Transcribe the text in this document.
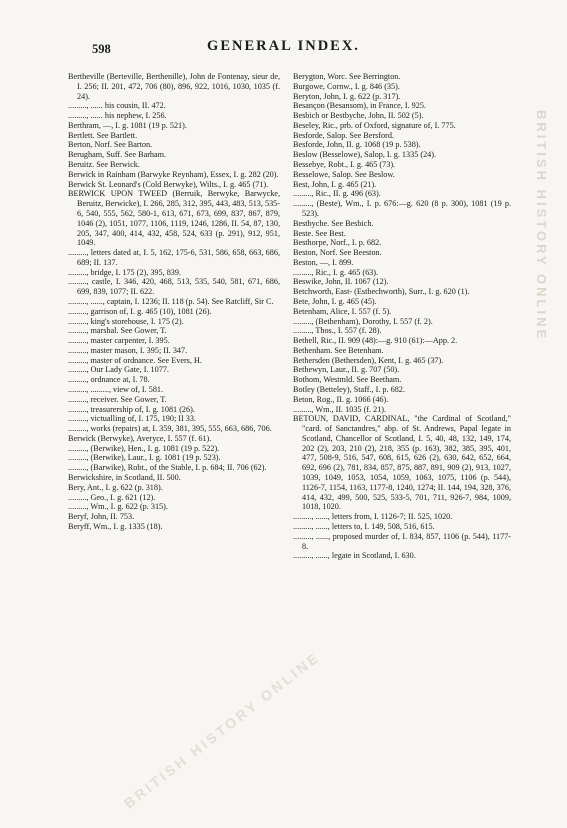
598	GENERAL INDEX.
BRITISH HISTORY ONLINE
BRITISH HISTORY ONLINE

Bertheville (Berteville, Berthenille), John de Fontenay, sieur de, I. 256; II. 201, 472, 706 (80), 896, 922, 1016, 1030, 1035 (f. 24).

........., ...... his cousin, II. 472.

........., ...... his nephew, I. 256.

Berthram, —, I. g. 1081 (19 p. 521).

Bertlett. See Bartlett.

Berton, Norf. See Barton.

Berugham, Suff. See Barham.

Beruitz. See Berwick.

Berwick in Rainham (Barwyke Reynham), Essex, I. g. 282 (20).

Berwick St. Leonard's (Cold Berwyke), Wilts., I. g. 465 (71).

BERWICK UPON TWEED (Berruik, Berwyke, Barwycke, Beruitz, Berwicke), I. 266, 285, 312, 395, 443, 483, 513, 535-6, 540, 555, 562, 580-1, 613, 671, 673, 699, 837, 867, 879, 1046 (2), 1051, 1077, 1106, 1119, 1246, 1286, II. 54, 87, 130, 205, 347, 400, 414, 432, 458, 524, 633 (p. 291), 912, 951, 1049.

........., letters dated at, I. 5, 162, 175-6, 531, 586, 658, 663, 686, 689; II. 137.

........., bridge, I. 175 (2), 395, 839.

........., castle, I. 346, 420, 468, 513, 535, 540, 581, 671, 686, 699, 839, 1077; II. 622.

........., ......, captain, I. 1236; II. 118 (p. 54). See Ratcliff, Sir C.

........., garrison of, I. g. 465 (10), 1081 (26).

........., king's storehouse, I. 175 (2).

........., marshal. See Gower, T.

........., master carpenter, I. 395.

........., master mason, I. 395; II. 347.

........., master of ordnance. See Evers, H.

........., Our Lady Gate, I. 1077.

........., ordnance at, I. 78.

........., ........., view of, I. 581.

........., receiver. See Gower, T.

........., treasurership of, I. g. 1081 (26).

........., victualling of, I. 175, 190; II 33.

........., works (repairs) at, I. 359, 381, 395, 555, 663, 686, 706.

Berwick (Berwyke), Averyce, I. 557 (f. 61).

........., (Berwike), Hen., I. g. 1081 (19 p. 522).

........., (Berwike), Laur., I. g. 1081 (19 p. 523).

........., (Barwike), Robt., of the Stable, I. p. 684; II. 706 (62).

Berwickshire, in Scotland, II. 500.

Bery, Ant., I. g. 622 (p. 318).

........., Geo., I. g. 621 (12).

........., Wm., I. g. 622 (p. 315).

Beryf, John, II. 753.

Beryff, Wm., I. g. 1335 (18).

Berygton, Worc. See Berrington.

Burgowe, Cornw., I. g. 846 (35).

Beryton, John, I. g. 622 (p. 317).

Besançon (Besansom), in France, I. 925.

Besbich or Bestbyche, John, II. 502 (5).

Beseley, Ric., prb. of Oxford, signature of, I. 775.

Besforde, Salop. See Bersford.

Besforde, John, II. g. 1068 (19 p. 538).

Beslow (Besselowe), Salop, I. g. 1335 (24).

Bessebye, Robt., I. g. 465 (73).

Besselowe, Salop. See Beslow.

Best, John, I. g. 465 (21).

........., Ric., II. g. 496 (63).

........., (Beste), Wm., I. p. 676:—g. 620 (8 p. 300), 1081 (19 p. 523).

Bestbyche. See Besbich.

Beste. See Best.

Besthorpe, Norf., I. p. 682.

Beston, Norf. See Beeston.

Beston, —, I. 899.

........., Ric., I. g. 465 (63).

Beswike, John, II. 1067 (12).

Betchworth, East- (Estbechworth), Surr., I. g. 620 (1).

Bete, John, I. g. 465 (45).

Betenham, Alice, I. 557 (f. 5).

........., (Bethenham), Dorothy, I. 557 (f. 2).

........., Thos., I. 557 (f. 28).

Bethell, Ric., II. 909 (48):—g. 910 (61):—App. 2.

Bethenham. See Betenham.

Bethersden (Bethersden), Kent, I. g. 465 (37).

Bethewyn, Laur., II. g. 707 (50).

Bothom, Westmld. See Beetham.

Botley (Betteley), Staff., I. p. 682.

Beton, Rog., II. g. 1066 (46).

........., Wm., II. 1035 (f. 21).

BETOUN, DAVID, CARDINAL, "the Cardinal of Scotland," "card. of Sanctandres," abp. of St. Andrews, Papal legate in Scotland, Chancellor of Scotland, I. 5, 40, 48, 132, 149, 174, 202 (2), 203, 210 (2), 218, 355 (p. 163), 382, 385, 395, 401, 477, 508-9, 516, 547, 608, 615, 626 (2), 630, 642, 652, 664, 692, 696 (2), 781, 834, 857, 875, 887, 891, 909 (2), 913, 1027, 1039, 1049, 1053, 1054, 1059, 1063, 1075, 1106 (p. 544), 1126-7, 1154, 1163, 1177-8, 1240, 1274; II. 144, 194, 328, 376, 414, 432, 499, 500, 525, 533-5, 701, 711, 926-7, 984, 1009, 1018, 1020.

........., ......, letters from, I. 1126-7; II. 525, 1020.

........., ......, letters to, I. 149, 508, 516, 615.

........., ......, proposed murder of, I. 834, 857, 1106 (p. 544), 1177-8.

........., ......, legate in Scotland, I. 630.
